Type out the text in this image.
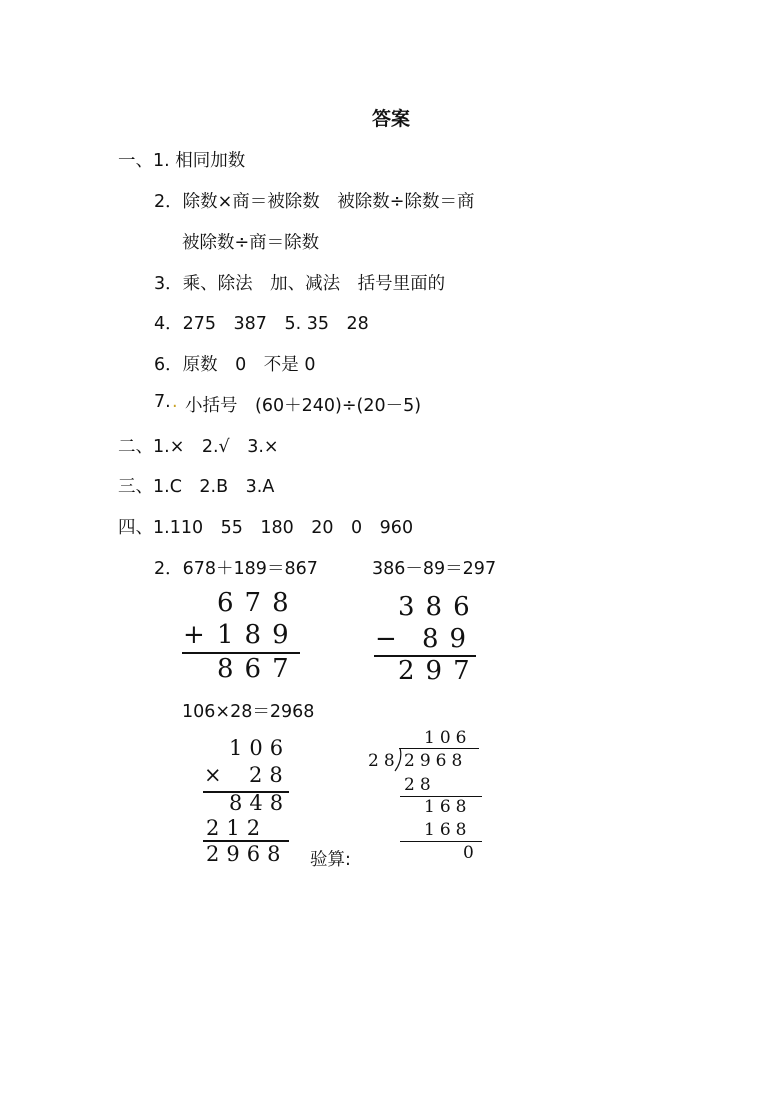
答案
一、1. 相同加数
2．除数×商＝被除数　被除数÷除数＝商
被除数÷商＝除数
3．乘、除法　加、减法　括号里面的
4．275　387　5. 35　28
6．原数　0　不是 0
7. . 小括号　(60＋240)÷(20－5)
二、1.×　2.√　3.×
三、1.C　2.B　3.A
四、1.110　55　180　20　0　960
2．678＋189＝867	386－89＝297
678
+ 189
867
386
− 89
297
106×28＝2968
106
× 28
848
212
2968 验算:
106
28 2968
28
168
168
0
